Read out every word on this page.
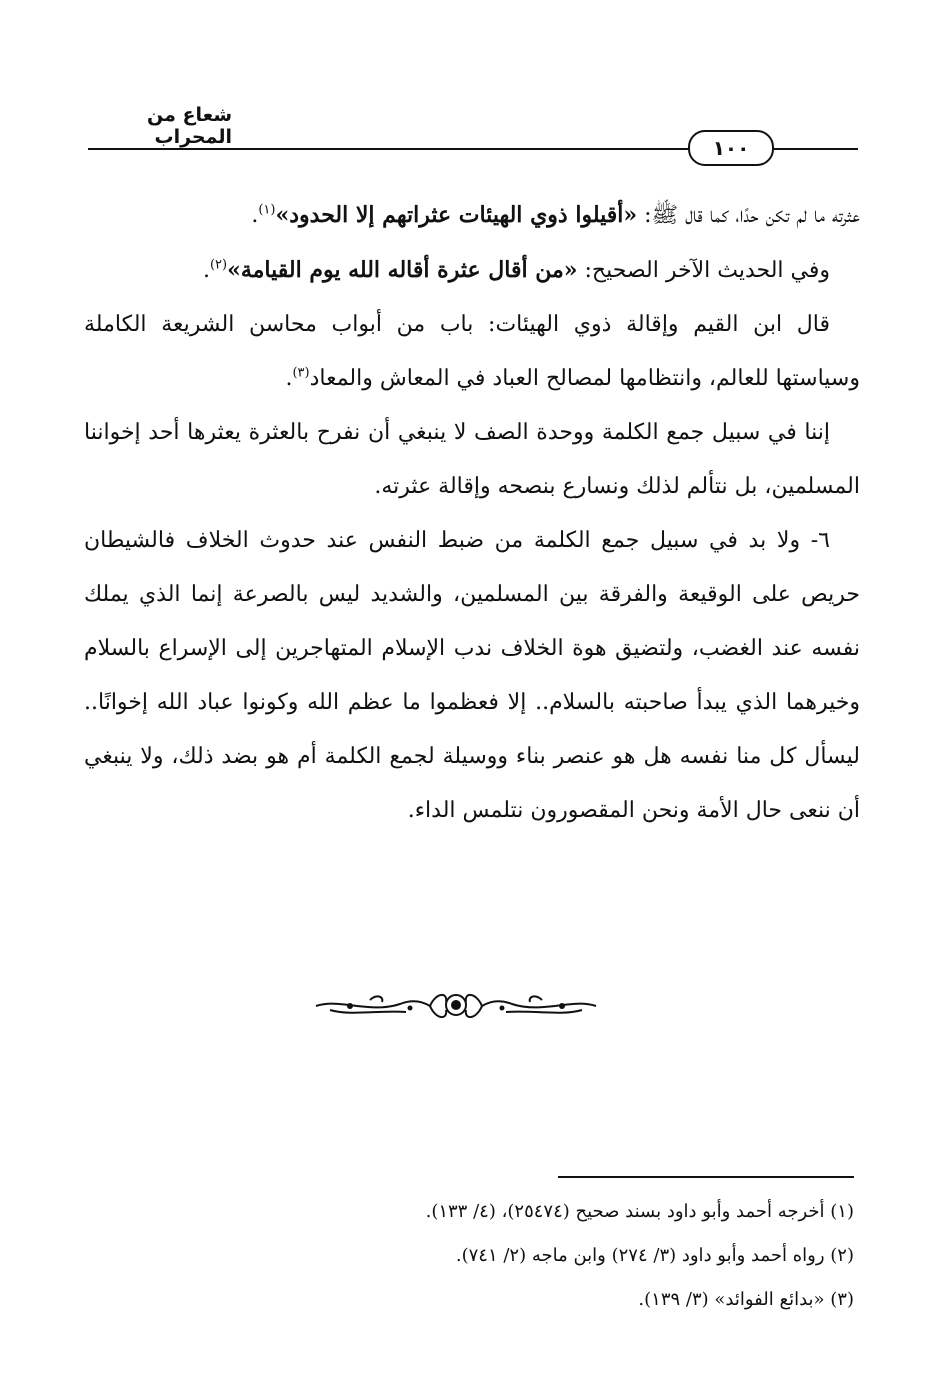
شعاع من المحراب	١٠٠

عثرته ما لم تكن حدًا، كما قال ﷺ: «أقيلوا ذوي الهيئات عثراتهم إلا الحدود»$^{(١)}$.

وفي الحديث الآخر الصحيح: «من أقال عثرة أقاله الله يوم القيامة»$^{(٢)}$.

قال ابن القيم وإقالة ذوي الهيئات: باب من أبواب محاسن الشريعة الكاملة وسياستها للعالم، وانتظامها لمصالح العباد في المعاش والمعاد$^{(٣)}$.

إننا في سبيل جمع الكلمة ووحدة الصف لا ينبغي أن نفرح بالعثرة يعثرها أحد إخواننا المسلمين، بل نتألم لذلك ونسارع بنصحه وإقالة عثرته.

٦- ولا بد في سبيل جمع الكلمة من ضبط النفس عند حدوث الخلاف فالشيطان حريص على الوقيعة والفرقة بين المسلمين، والشديد ليس بالصرعة إنما الذي يملك نفسه عند الغضب، ولتضيق هوة الخلاف ندب الإسلام المتهاجرين إلى الإسراع بالسلام وخيرهما الذي يبدأ صاحبته بالسلام.. إلا فعظموا ما عظم الله وكونوا عباد الله إخوانًا.. ليسأل كل منا نفسه هل هو عنصر بناء ووسيلة لجمع الكلمة أم هو بضد ذلك، ولا ينبغي أن ننعى حال الأمة ونحن المقصورون نتلمس الداء.

(١) أخرجه أحمد وأبو داود بسند صحيح (٢٥٤٧٤)، (٤/ ١٣٣).

(٢) رواه أحمد وأبو داود (٣/ ٢٧٤) وابن ماجه (٢/ ٧٤١).

(٣) «بدائع الفوائد» (٣/ ١٣٩).
